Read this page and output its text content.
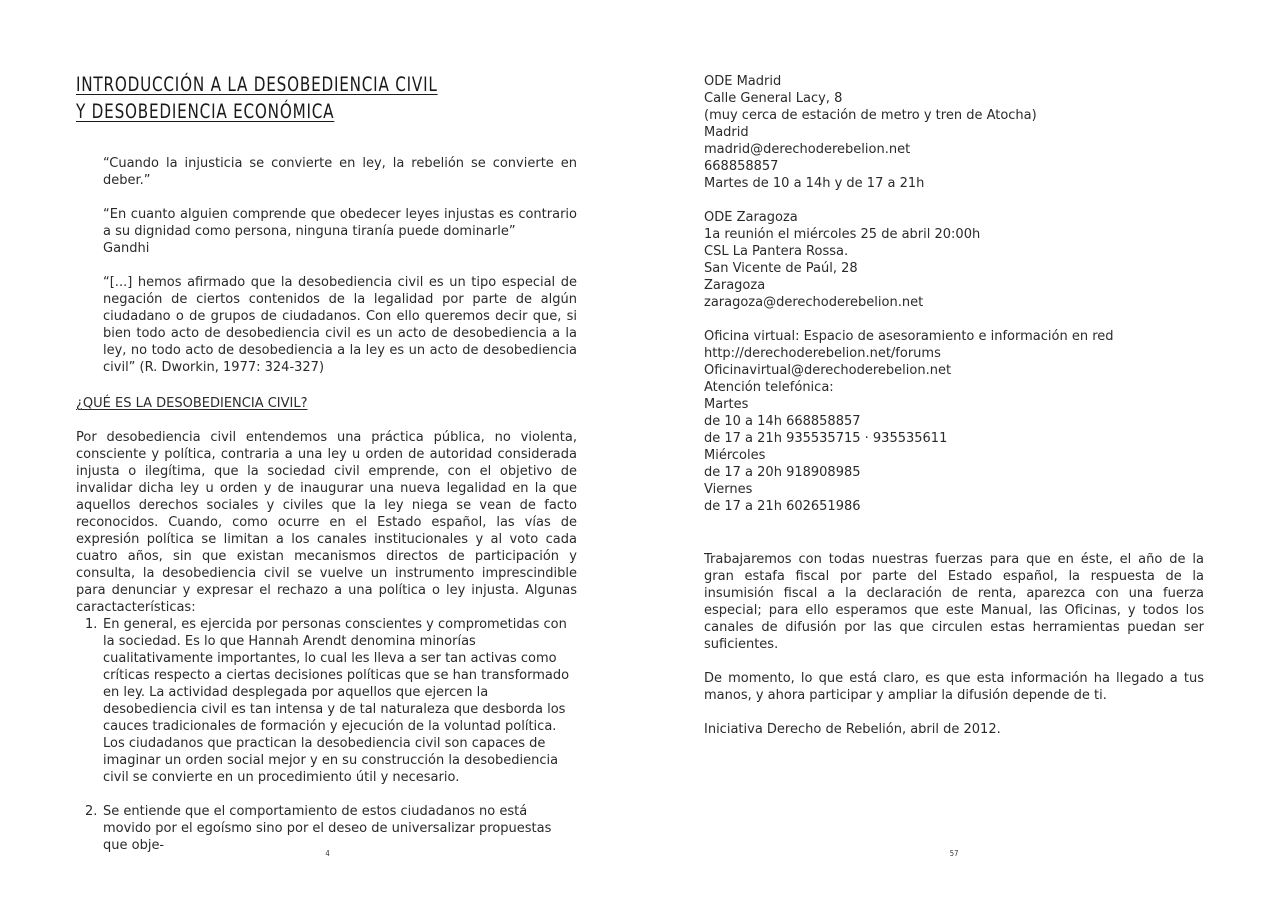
INTRODUCCIÓN A LA DESOBEDIENCIA CIVIL
Y DESOBEDIENCIA ECONÓMICA

“Cuando la injusticia se convierte en ley, la rebelión se convierte en deber.”

“En cuanto alguien comprende que obedecer leyes injustas es contrario a su dignidad como persona, ninguna tiranía puede dominarle”
Gandhi

“[...] hemos afirmado que la desobediencia civil es un tipo especial de negación de ciertos contenidos de la legalidad por parte de algún ciudadano o de grupos de ciudadanos. Con ello queremos decir que, si bien todo acto de desobediencia civil es un acto de desobediencia a la ley, no todo acto de desobediencia a la ley es un acto de desobediencia civil” (R. Dworkin, 1977: 324-327)

¿QUÉ ES LA DESOBEDIENCIA CIVIL?

Por desobediencia civil entendemos una práctica pública, no violenta, consciente y política, contraria a una ley u orden de autoridad considerada injusta o ilegítima, que la sociedad civil emprende, con el objetivo de invalidar dicha ley u orden y de inaugurar una nueva legalidad en la que aquellos derechos sociales y civiles que la ley niega se vean de facto reconocidos. Cuando, como ocurre en el Estado español, las vías de expresión política se limitan a los canales institucionales y al voto cada cuatro años, sin que existan mecanismos directos de participación y consulta, la desobediencia civil se vuelve un instrumento imprescindible para denunciar y expresar el rechazo a una política o ley injusta. Algunas caractacterísticas:

1. En general, es ejercida por personas conscientes y comprometidas con la sociedad. Es lo que Hannah Arendt denomina minorías cualitativamente importantes, lo cual les lleva a ser tan activas como críticas respecto a ciertas decisiones políticas que se han transformado en ley. La actividad desplegada por aquellos que ejercen la desobediencia civil es tan intensa y de tal naturaleza que desborda los cauces tradicionales de formación y ejecución de la voluntad política. Los ciudadanos que practican la desobediencia civil son capaces de imaginar un orden social mejor y en su construcción la desobediencia civil se convierte en un procedimiento útil y necesario.
2. Se entiende que el comportamiento de estos ciudadanos no está movido por el egoísmo sino por el deseo de universalizar propuestas que obje-
4
ODE Madrid
Calle General Lacy, 8
(muy cerca de estación de metro y tren de Atocha)
Madrid
madrid@derechoderebelion.net
668858857
Martes de 10 a 14h y de 17 a 21h
ODE Zaragoza
1a reunión el miércoles 25 de abril 20:00h
CSL La Pantera Rossa.
San Vicente de Paúl, 28
Zaragoza
zaragoza@derechoderebelion.net
Oficina virtual: Espacio de asesoramiento e información en red
http://derechoderebelion.net/forums
Oficinavirtual@derechoderebelion.net
Atención telefónica:
Martes
de 10 a 14h 668858857
de 17 a 21h 935535715 · 935535611
Miércoles
de 17 a 20h 918908985
Viernes
de 17 a 21h 602651986

Trabajaremos con todas nuestras fuerzas para que en éste, el año de la gran estafa fiscal por parte del Estado español, la respuesta de la insumisión fiscal a la declaración de renta, aparezca con una fuerza especial; para ello esperamos que este Manual, las Oficinas, y todos los canales de difusión por las que circulen estas herramientas puedan ser suficientes.

De momento, lo que está claro, es que esta información ha llegado a tus manos, y ahora participar y ampliar la difusión depende de ti.

Iniciativa Derecho de Rebelión, abril de 2012.

57
